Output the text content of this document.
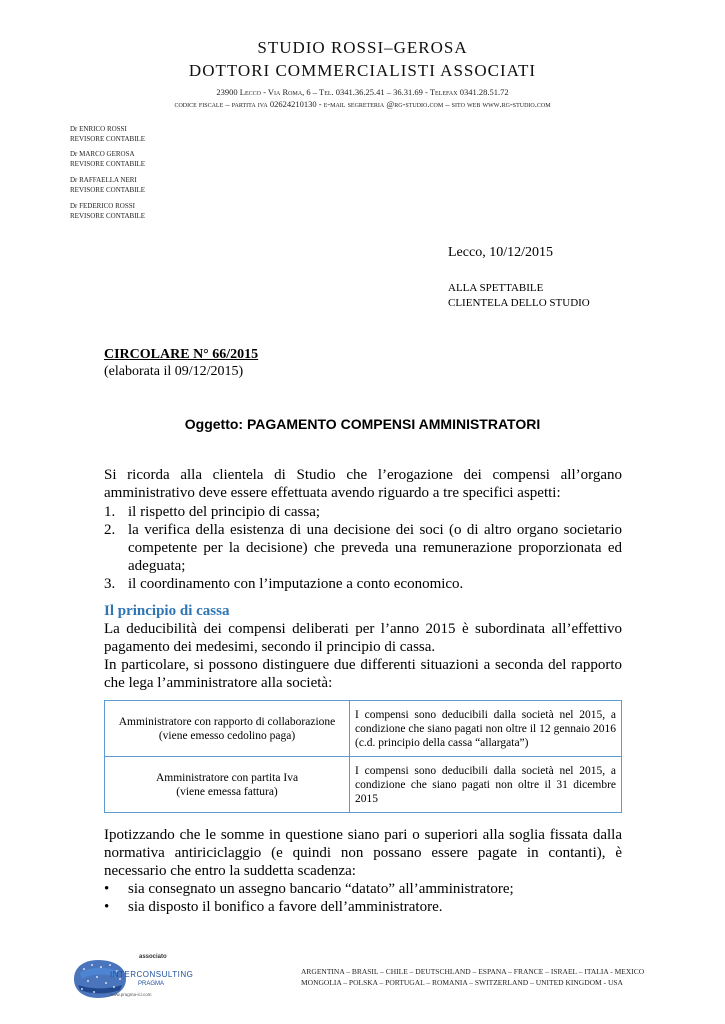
STUDIO ROSSI–GEROSA
DOTTORI COMMERCIALISTI ASSOCIATI
23900 Lecco - Via Roma, 6 – Tel. 0341.36.25.41 – 36.31.69 - Telefax 0341.28.51.72
codice fiscale – partita iva 02624210130 - e-mail segreteria @rg-studio.com – sito web www.rg-studio.com
Dr ENRICO ROSSI
REVISORE CONTABILE
Dr MARCO GEROSA
REVISORE CONTABILE
Dr RAFFAELLA NERI
REVISORE CONTABILE
Dr FEDERICO ROSSI
REVISORE CONTABILE
Lecco, 10/12/2015
ALLA SPETTABILE
CLIENTELA DELLO STUDIO
CIRCOLARE N° 66/2015
(elaborata il 09/12/2015)
Oggetto: PAGAMENTO COMPENSI AMMINISTRATORI
Si ricorda alla clientela di Studio che l’erogazione dei compensi all’organo amministrativo deve essere effettuata avendo riguardo a tre specifici aspetti:
1. il rispetto del principio di cassa;
2. la verifica della esistenza di una decisione dei soci (o di altro organo societario competente per la decisione) che preveda una remunerazione proporzionata ed adeguata;
3. il coordinamento con l’imputazione a conto economico.
Il principio di cassa
La deducibilità dei compensi deliberati per l’anno 2015 è subordinata all’effettivo pagamento dei medesimi, secondo il principio di cassa.
In particolare, si possono distinguere due differenti situazioni a seconda del rapporto che lega l’amministratore alla società:
Amministratore con rapporto di collaborazione
(viene emesso cedolino paga)	I compensi sono deducibili dalla società nel 2015, a condizione che siano pagati non oltre il 12 gennaio 2016 (c.d. principio della cassa “allargata”)

Amministratore con partita Iva
(viene emessa fattura)	I compensi sono deducibili dalla società nel 2015, a condizione che siano pagati non oltre il 31 dicembre 2015
Ipotizzando che le somme in questione siano pari o superiori alla soglia fissata dalla normativa antiriciclaggio (e quindi non possano essere pagate in contanti), è necessario che entro la suddetta scadenza:
•	sia consegnato un assegno bancario “datato” all’amministratore;
•	sia disposto il bonifico a favore dell’amministratore.
associato
INTERCONSULTING
PRAGMA
www.pragma-ici.com
ARGENTINA – BRASIL – CHILE – DEUTSCHLAND – ESPANA – FRANCE – ISRAEL – ITALIA - MEXICO
MONGOLIA – POLSKA – PORTUGAL – ROMANIA – SWITZERLAND – UNITED KINGDOM - USA
